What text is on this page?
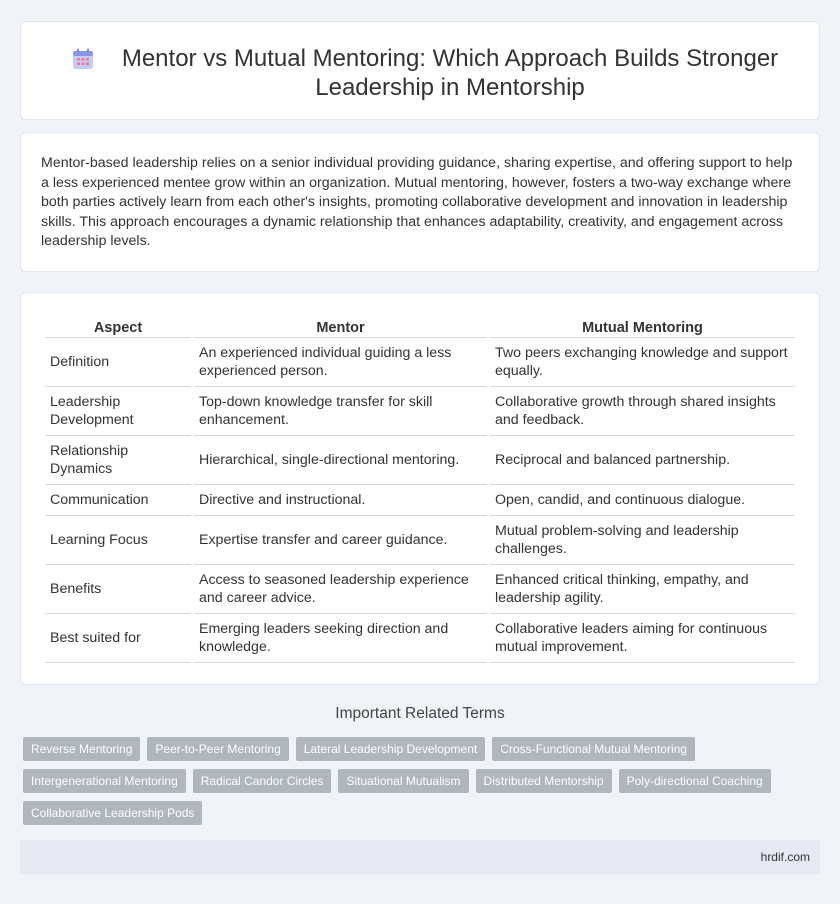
Mentor vs Mutual Mentoring: Which Approach Builds Stronger Leadership in Mentorship

Mentor-based leadership relies on a senior individual providing guidance, sharing expertise, and offering support to help a less experienced mentee grow within an organization. Mutual mentoring, however, fosters a two-way exchange where both parties actively learn from each other's insights, promoting collaborative development and innovation in leadership skills. This approach encourages a dynamic relationship that enhances adaptability, creativity, and engagement across leadership levels.

Aspect	Mentor	Mutual Mentoring
Definition	An experienced individual guiding a less experienced person.	Two peers exchanging knowledge and support equally.
Leadership Development	Top-down knowledge transfer for skill enhancement.	Collaborative growth through shared insights and feedback.
Relationship Dynamics	Hierarchical, single-directional mentoring.	Reciprocal and balanced partnership.
Communication	Directive and instructional.	Open, candid, and continuous dialogue.
Learning Focus	Expertise transfer and career guidance.	Mutual problem-solving and leadership challenges.
Benefits	Access to seasoned leadership experience and career advice.	Enhanced critical thinking, empathy, and leadership agility.
Best suited for	Emerging leaders seeking direction and knowledge.	Collaborative leaders aiming for continuous mutual improvement.
Important Related Terms
Reverse Mentoring	Peer-to-Peer Mentoring	Lateral Leadership Development	Cross-Functional Mutual Mentoring
Intergenerational Mentoring	Radical Candor Circles	Situational Mutualism	Distributed Mentorship	Poly-directional Coaching
Collaborative Leadership Pods
hrdif.com
